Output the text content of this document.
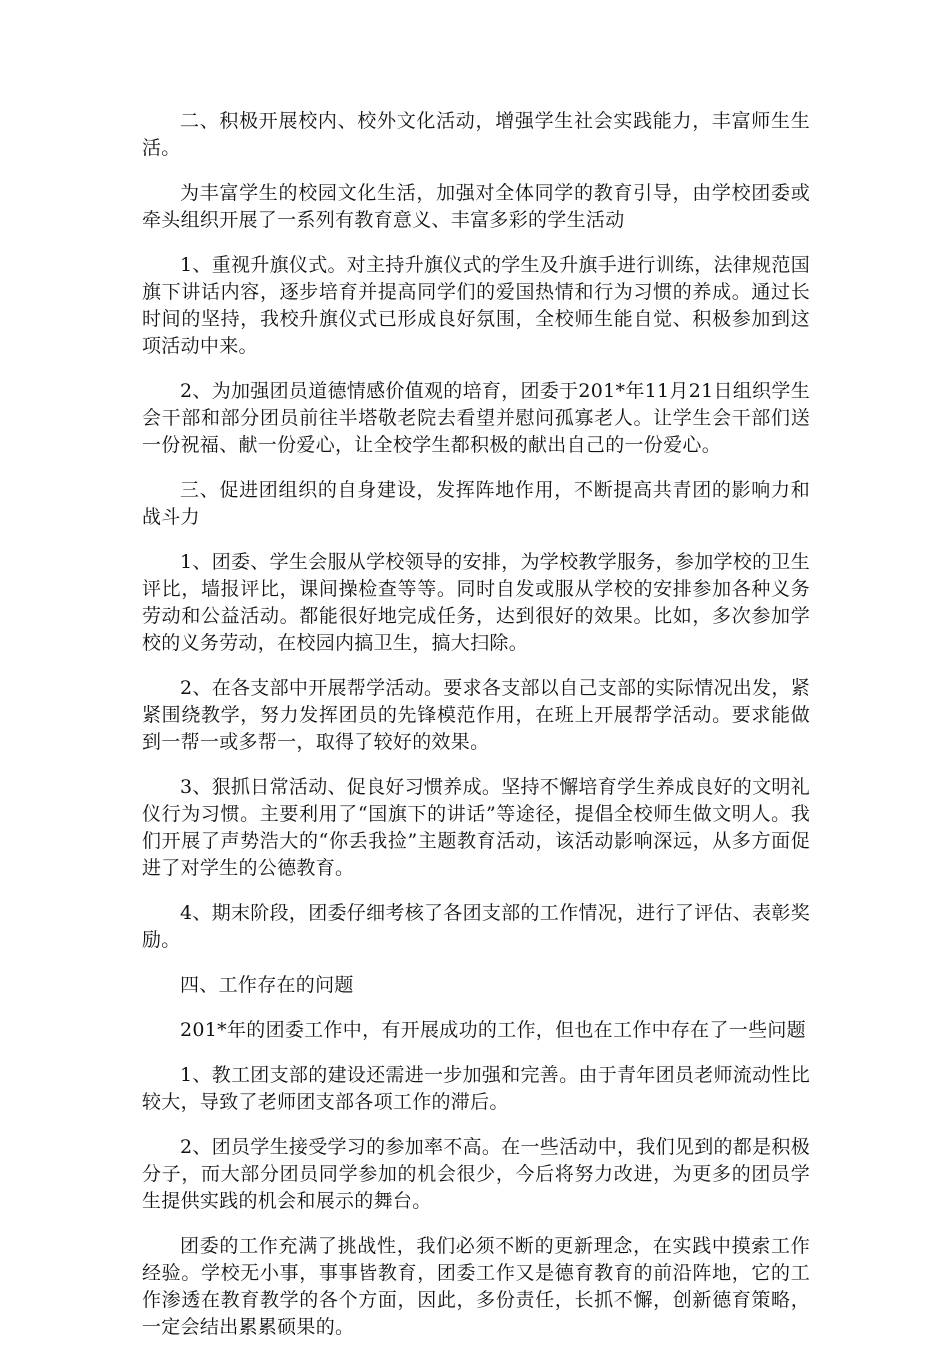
二、积极开展校内、校外文化活动，增强学生社会实践能力，丰富师生生活。

为丰富学生的校园文化生活，加强对全体同学的教育引导，由学校团委或牵头组织开展了一系列有教育意义、丰富多彩的学生活动

1、重视升旗仪式。对主持升旗仪式的学生及升旗手进行训练，法律规范国旗下讲话内容，逐步培育并提高同学们的爱国热情和行为习惯的养成。通过长时间的坚持，我校升旗仪式已形成良好氛围，全校师生能自觉、积极参加到这项活动中来。

2、为加强团员道德情感价值观的培育，团委于201*年11月21日组织学生会干部和部分团员前往半塔敬老院去看望并慰问孤寡老人。让学生会干部们送一份祝福、献一份爱心，让全校学生都积极的献出自己的一份爱心。

三、促进团组织的自身建设，发挥阵地作用，不断提高共青团的影响力和战斗力

1、团委、学生会服从学校领导的安排，为学校教学服务，参加学校的卫生评比，墙报评比，课间操检查等等。同时自发或服从学校的安排参加各种义务劳动和公益活动。都能很好地完成任务，达到很好的效果。比如，多次参加学校的义务劳动，在校园内搞卫生，搞大扫除。

2、在各支部中开展帮学活动。要求各支部以自己支部的实际情况出发，紧紧围绕教学，努力发挥团员的先锋模范作用，在班上开展帮学活动。要求能做到一帮一或多帮一，取得了较好的效果。

3、狠抓日常活动、促良好习惯养成。坚持不懈培育学生养成良好的文明礼仪行为习惯。主要利用了“国旗下的讲话”等途径，提倡全校师生做文明人。我们开展了声势浩大的“你丢我捡”主题教育活动，该活动影响深远，从多方面促进了对学生的公德教育。

4、期末阶段，团委仔细考核了各团支部的工作情况，进行了评估、表彰奖励。

四、工作存在的问题

201*年的团委工作中，有开展成功的工作，但也在工作中存在了一些问题

1、教工团支部的建设还需进一步加强和完善。由于青年团员老师流动性比较大，导致了老师团支部各项工作的滞后。

2、团员学生接受学习的参加率不高。在一些活动中，我们见到的都是积极分子，而大部分团员同学参加的机会很少，今后将努力改进，为更多的团员学生提供实践的机会和展示的舞台。

团委的工作充满了挑战性，我们必须不断的更新理念，在实践中摸索工作经验。学校无小事，事事皆教育，团委工作又是德育教育的前沿阵地，它的工作渗透在教育教学的各个方面，因此，多份责任，长抓不懈，创新德育策略，一定会结出累累硕果的。
